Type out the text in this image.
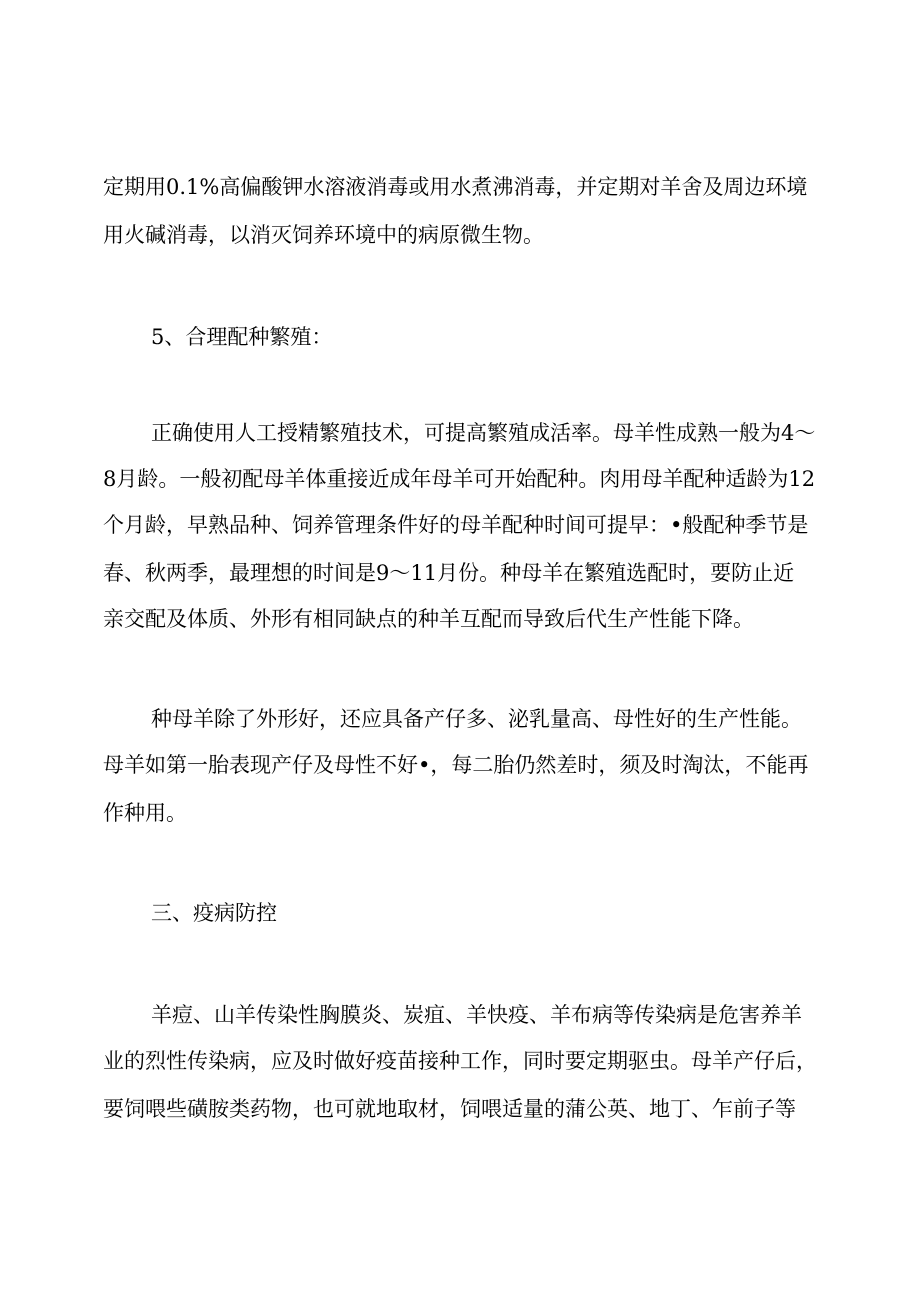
定期用0.1%高偏酸钾水溶液消毒或用水煮沸消毒，并定期对羊舍及周边环境
用火碱消毒，以消灭饲养环境中的病原微生物。
5、合理配种繁殖：
正确使用人工授精繁殖技术，可提高繁殖成活率。母羊性成熟一般为4～
8月龄。一般初配母羊体重接近成年母羊可开始配种。肉用母羊配种适龄为12
个月龄，早熟品种、饲养管理条件好的母羊配种时间可提早：•般配种季节是
春、秋两季，最理想的时间是9～11月份。种母羊在繁殖选配时，要防止近
亲交配及体质、外形有相同缺点的种羊互配而导致后代生产性能下降。
种母羊除了外形好，还应具备产仔多、泌乳量高、母性好的生产性能。
母羊如第一胎表现产仔及母性不好•，每二胎仍然差时，须及时淘汰，不能再
作种用。
三、疫病防控
羊痘、山羊传染性胸膜炎、炭疽、羊快疫、羊布病等传染病是危害养羊
业的烈性传染病，应及时做好疫苗接种工作，同时要定期驱虫。母羊产仔后，
要饲喂些磺胺类药物，也可就地取材，饲喂适量的蒲公英、地丁、乍前子等
